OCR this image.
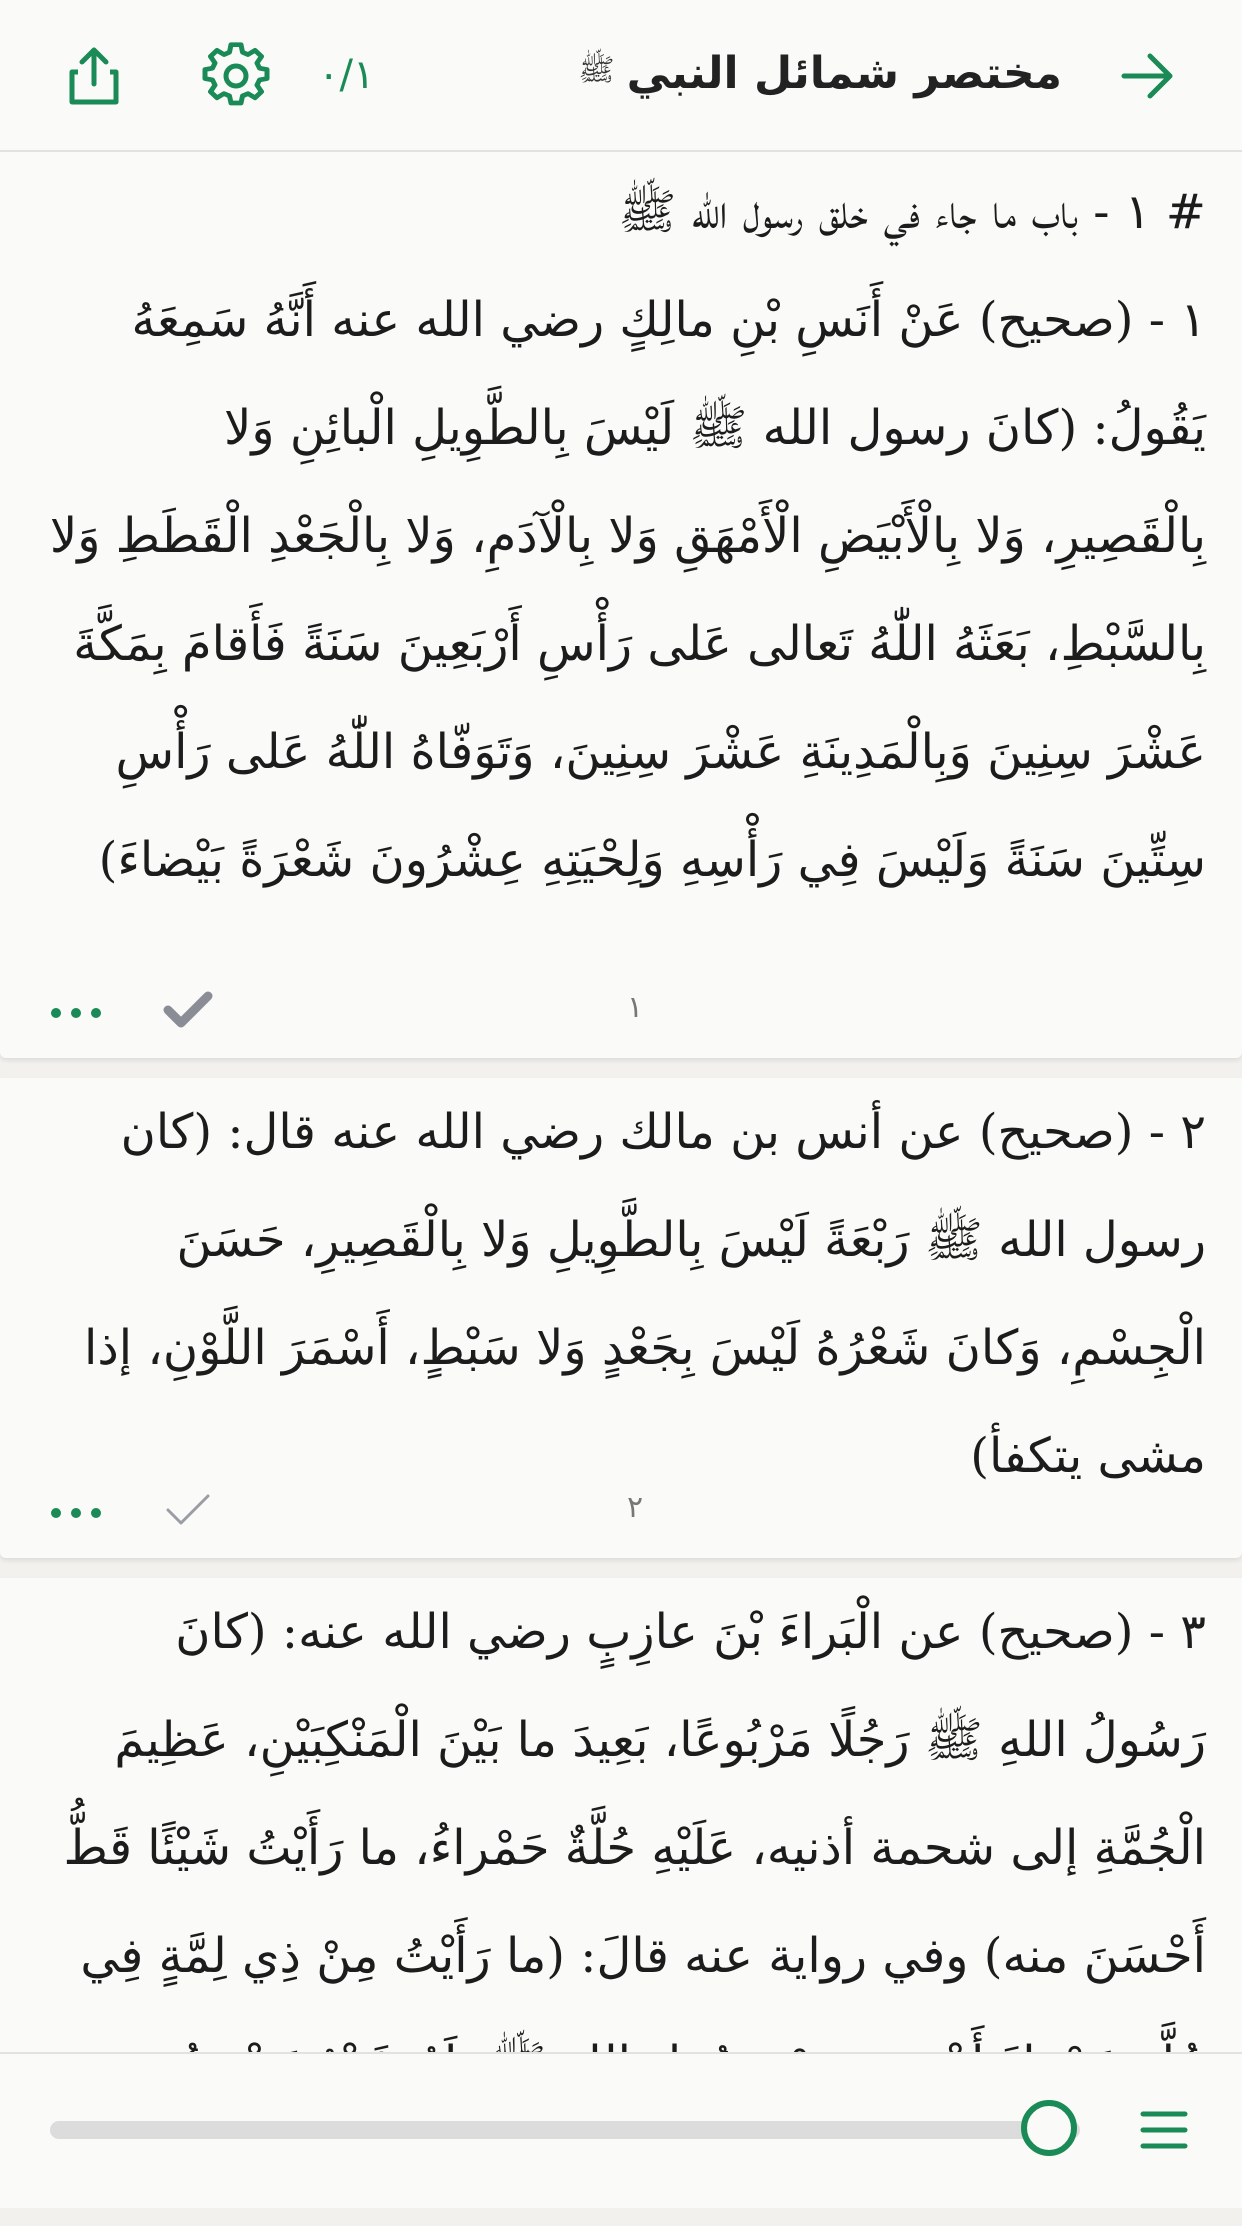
٠/١	مختصر شمائل النبي
ﷺ
# ١ - باب ما جاء في خلق رسول الله ﷺ
١ - (صحيح) عَنْ أَنَسِ بْنِ مالِكٍ رضي الله عنه أَنَّهُ سَمِعَهُ يَقُولُ: (كانَ رسول الله ﷺ لَيْسَ بِالطَّوِيلِ الْبائِنِ وَلا بِالْقَصِيرِ، وَلا بِالْأَبْيَضِ الْأَمْهَقِ وَلا بِالْآدَمِ، وَلا بِالْجَعْدِ الْقَطَطِ وَلا بِالسَّبْطِ، بَعَثَهُ اللّٰهُ تَعالى عَلى رَأْسِ أَرْبَعِينَ سَنَةً فَأَقامَ بِمَكَّةَ عَشْرَ سِنِينَ وَبِالْمَدِينَةِ عَشْرَ سِنِينَ، وَتَوَفّاهُ اللّٰهُ عَلى رَأْسِ سِتِّينَ سَنَةً وَلَيْسَ فِي رَأْسِهِ وَلِحْيَتِهِ عِشْرُونَ شَعْرَةً بَيْضاءَ)
١
٢ - (صحيح) عن أنس بن مالك رضي الله عنه قال: (كان رسول الله ﷺ رَبْعَةً لَيْسَ بِالطَّوِيلِ وَلا بِالْقَصِيرِ، حَسَنَ الْجِسْمِ، وَكانَ شَعْرُهُ لَيْسَ بِجَعْدٍ وَلا سَبْطٍ، أَسْمَرَ اللَّوْنِ، إذا مشى يتكفأ)
٢
٣ - (صحيح) عن الْبَراءَ بْنَ عازِبٍ رضي الله عنه: (كانَ رَسُولُ اللهِ ﷺ رَجُلًا مَرْبُوعًا، بَعِيدَ ما بَيْنَ الْمَنْكِبَيْنِ، عَظِيمَ الْجُمَّةِ إلى شحمة أذنيه، عَلَيْهِ حُلَّةٌ حَمْراءُ، ما رَأَيْتُ شَيْئًا قَطُّ أَحْسَنَ منه) وفي رواية عنه قالَ: (ما رَأَيْتُ مِنْ ذِي لِمَّةٍ فِي
